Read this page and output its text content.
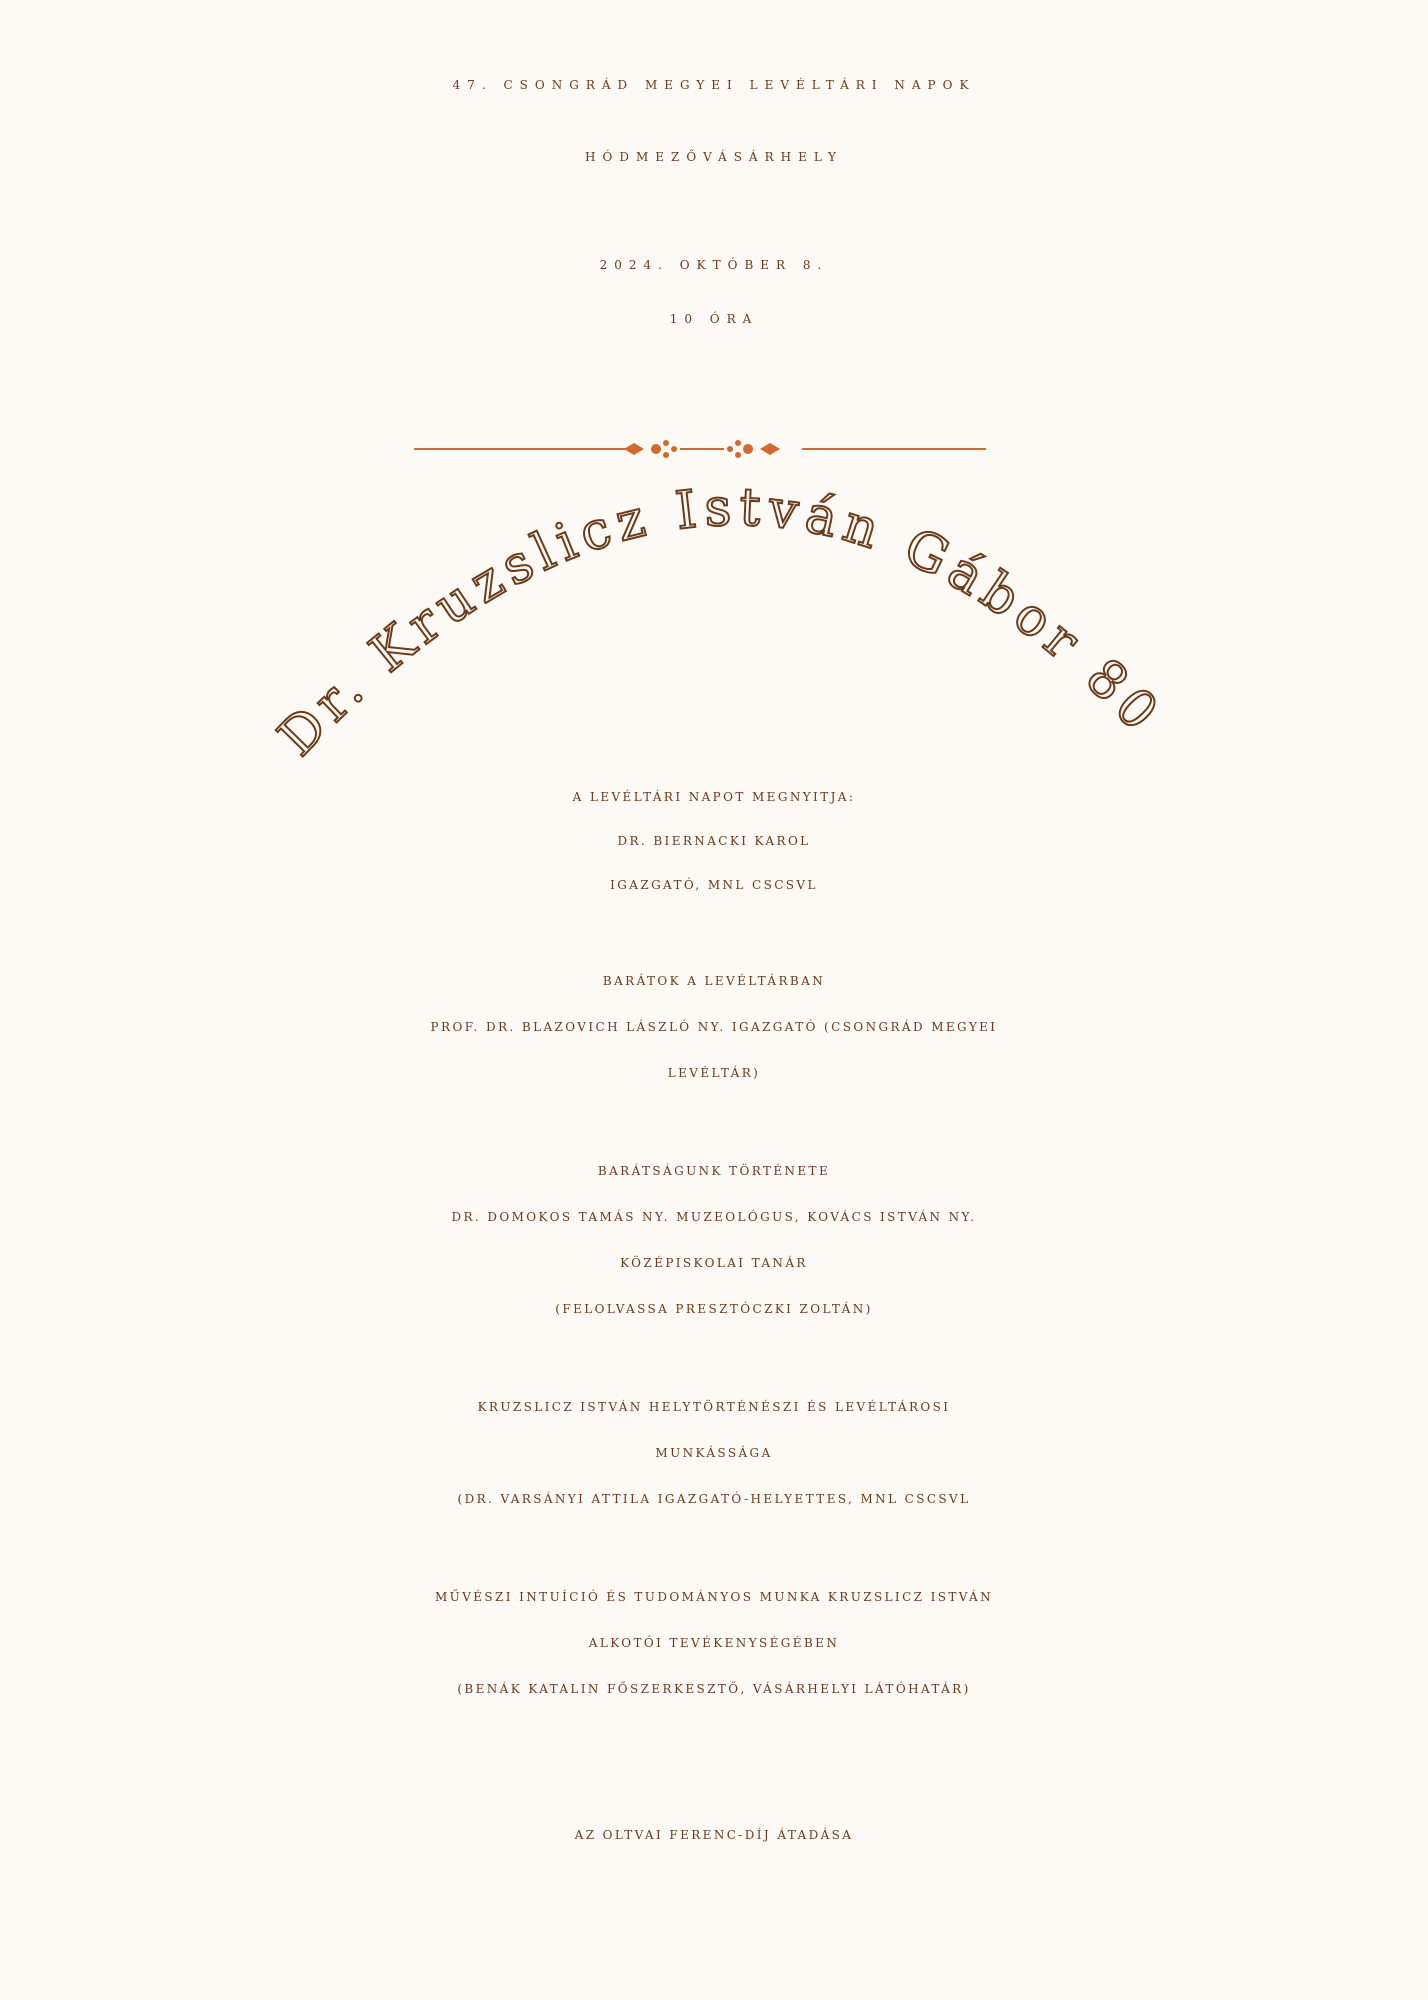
47. CSONGRÁD MEGYEI LEVÉLTÁRI NAPOK
HÓDMEZŐVÁSÁRHELY
2024. OKTÓBER 8.
10 ÓRA
Dr. Kruzslicz István Gábor 80
A LEVÉLTÁRI NAPOT MEGNYITJA:
DR. BIERNACKI KAROL
IGAZGATÓ, MNL CSCSVL
BARÁTOK A LEVÉLTÁRBAN
PROF. DR. BLAZOVICH LÁSZLÓ NY. IGAZGATÓ (CSONGRÁD MEGYEI
LEVÉLTÁR)
BARÁTSÁGUNK TÖRTÉNETE
DR. DOMOKOS TAMÁS NY. MUZEOLÓGUS, KOVÁCS ISTVÁN NY.
KÖZÉPISKOLAI TANÁR
(FELOLVASSA PRESZTÓCZKI ZOLTÁN)
KRUZSLICZ ISTVÁN HELYTÖRTÉNÉSZI ÉS LEVÉLTÁROSI
MUNKÁSSÁGA
(DR. VARSÁNYI ATTILA IGAZGATÓ-HELYETTES, MNL CSCSVL
MŰVÉSZI INTUÍCIÓ ÉS TUDOMÁNYOS MUNKA KRUZSLICZ ISTVÁN
ALKOTÓI TEVÉKENYSÉGÉBEN
(BENÁK KATALIN FŐSZERKESZTŐ, VÁSÁRHELYI LÁTÓHATÁR)
AZ OLTVAI FERENC-DÍJ ÁTADÁSA
